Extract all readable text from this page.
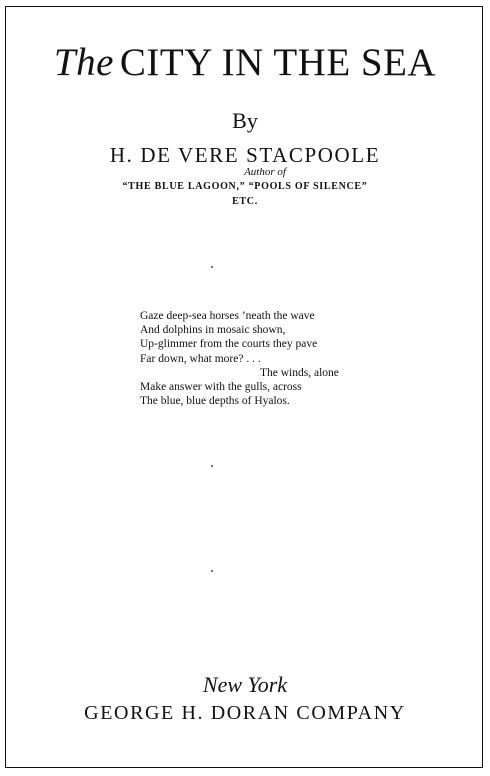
The CITY IN THE SEA
By
H. DE VERE STACPOOLE
Author of
“THE BLUE LAGOON,” “POOLS OF SILENCE”
ETC.
Gaze deep-sea horses ’neath the wave
And dolphins in mosaic shown,
Up-glimmer from the courts they pave
Far down, what more? . . .
The winds, alone
Make answer with the gulls, across
The blue, blue depths of Hyalos.
New York
GEORGE H. DORAN COMPANY
